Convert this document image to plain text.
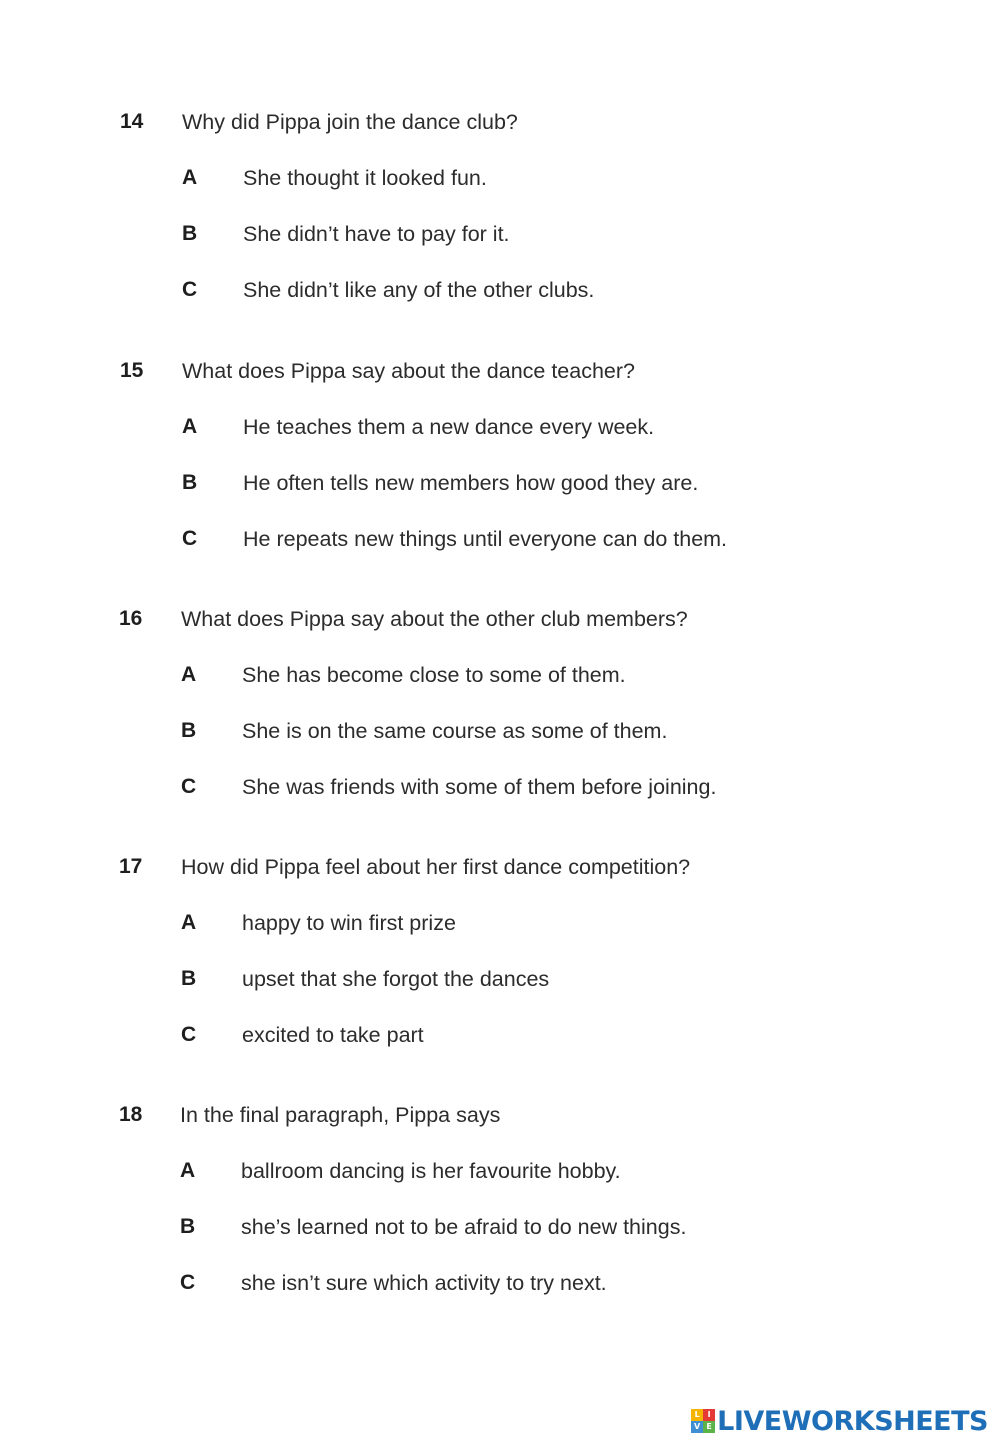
14 Why did Pippa join the dance club?
A She thought it looked fun.
B She didn’t have to pay for it.
C She didn’t like any of the other clubs.
15 What does Pippa say about the dance teacher?
A He teaches them a new dance every week.
B He often tells new members how good they are.
C He repeats new things until everyone can do them.
16 What does Pippa say about the other club members?
A She has become close to some of them.
B She is on the same course as some of them.
C She was friends with some of them before joining.
17 How did Pippa feel about her first dance competition?
A happy to win first prize
B upset that she forgot the dances
C excited to take part
18 In the final paragraph, Pippa says
A ballroom dancing is her favourite hobby.
B she’s learned not to be afraid to do new things.
C she isn’t sure which activity to try next.
L I
V E LIVEWORKSHEETS
